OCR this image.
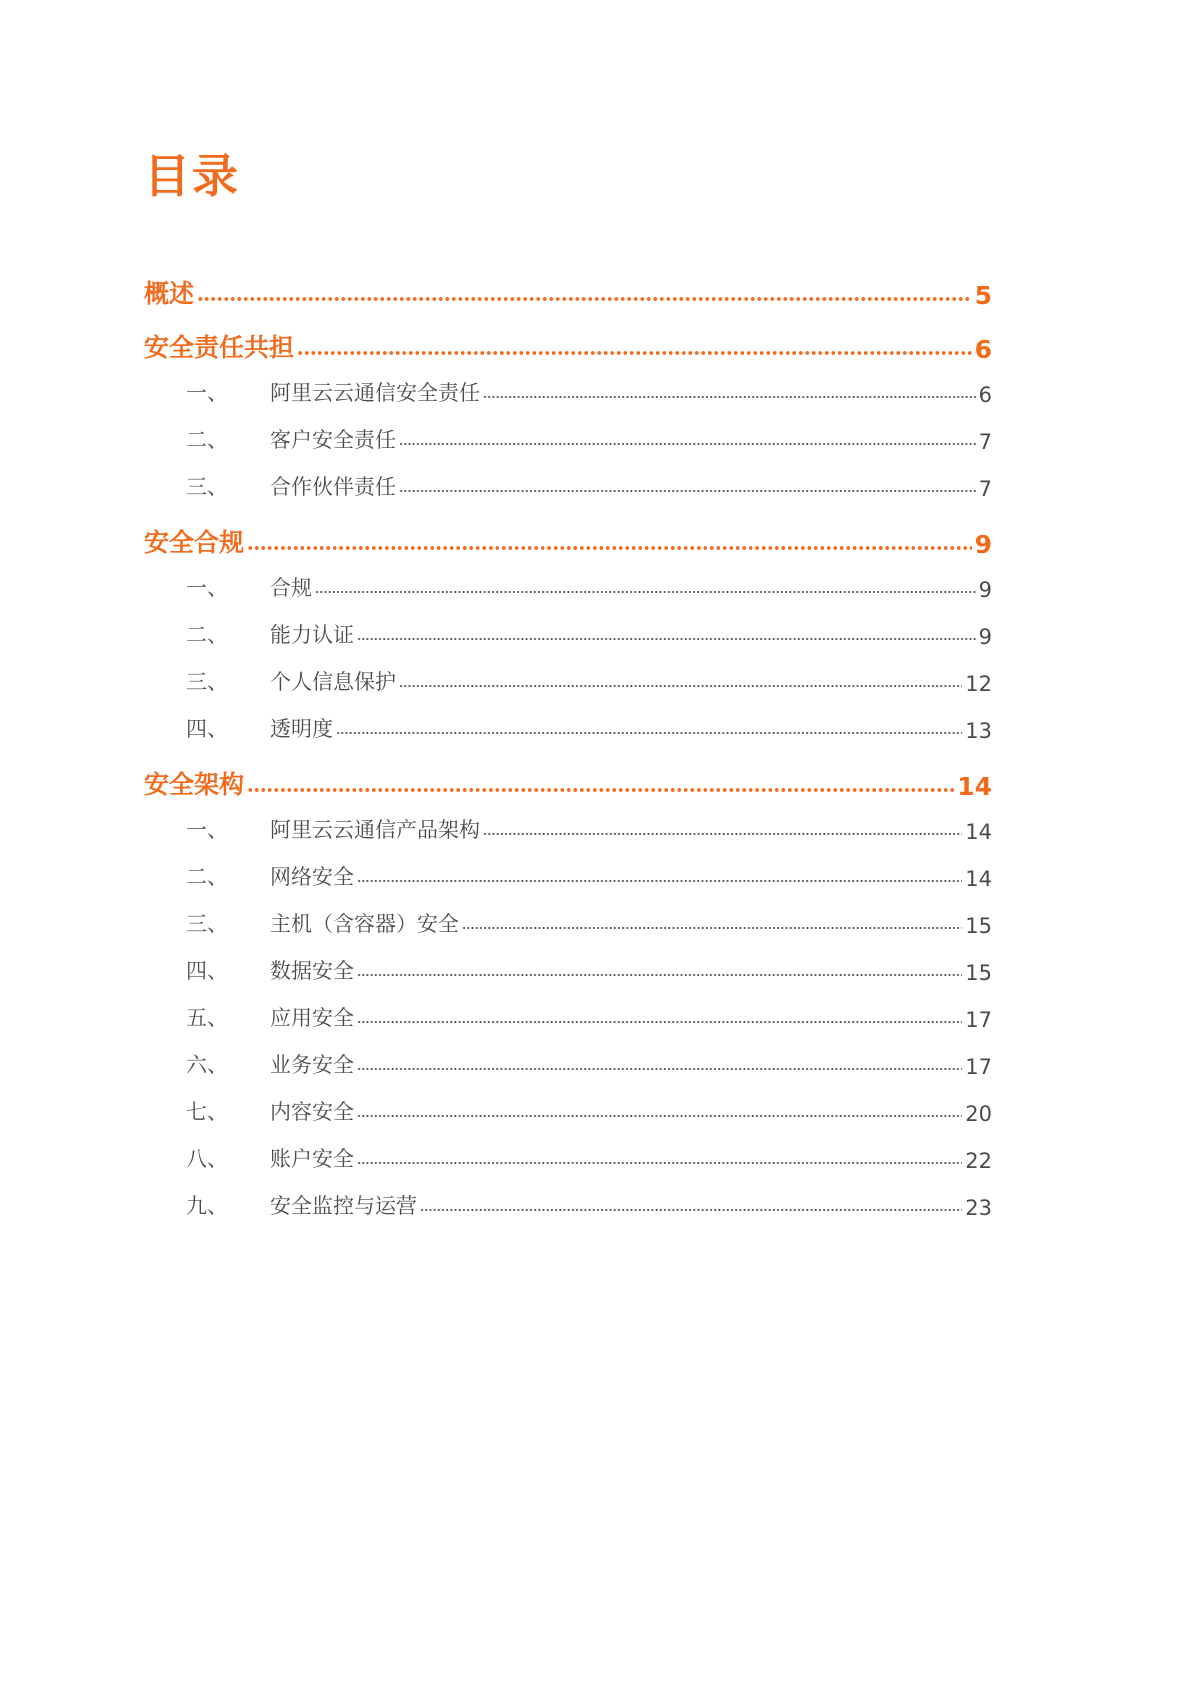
目录
概述	5
安全责任共担	6
一、	阿里云云通信安全责任	6
二、	客户安全责任	7
三、	合作伙伴责任	7
安全合规	9
一、	合规	9
二、	能力认证	9
三、	个人信息保护	12
四、	透明度	13
安全架构	14
一、	阿里云云通信产品架构	14
二、	网络安全	14
三、	主机（含容器）安全	15
四、	数据安全	15
五、	应用安全	17
六、	业务安全	17
七、	内容安全	20
八、	账户安全	22
九、	安全监控与运营	23
